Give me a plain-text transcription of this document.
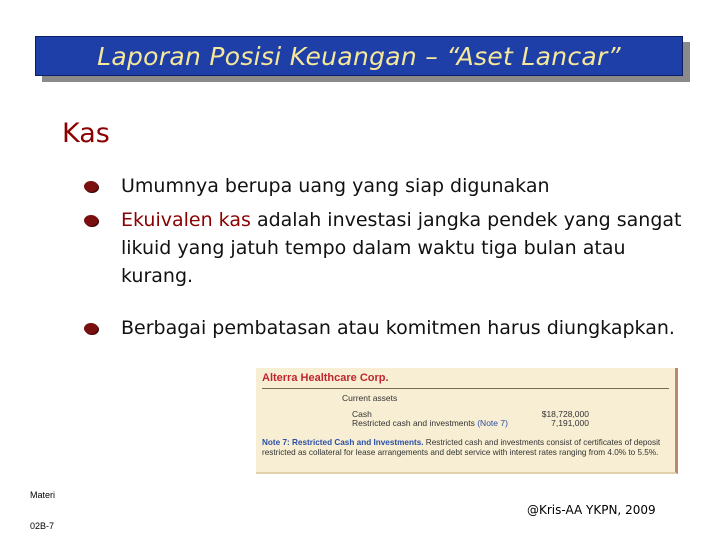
Laporan Posisi Keuangan – “Aset Lancar”
Kas
Umumnya berupa uang yang siap digunakan
Ekuivalen kas adalah investasi jangka pendek yang sangat likuid yang jatuh tempo dalam waktu tiga bulan atau kurang.
Berbagai pembatasan atau komitmen harus diungkapkan.
Alterra Healthcare Corp.
Current assets
Cash	$18,728,000
Restricted cash and investments (Note 7)	7,191,000
Note 7: Restricted Cash and Investments. Restricted cash and investments consist of certificates of deposit restricted as collateral for lease arrangements and debt service with interest rates ranging from 4.0% to 5.5%.
Materi
02B-7
@Kris-AA YKPN, 2009
